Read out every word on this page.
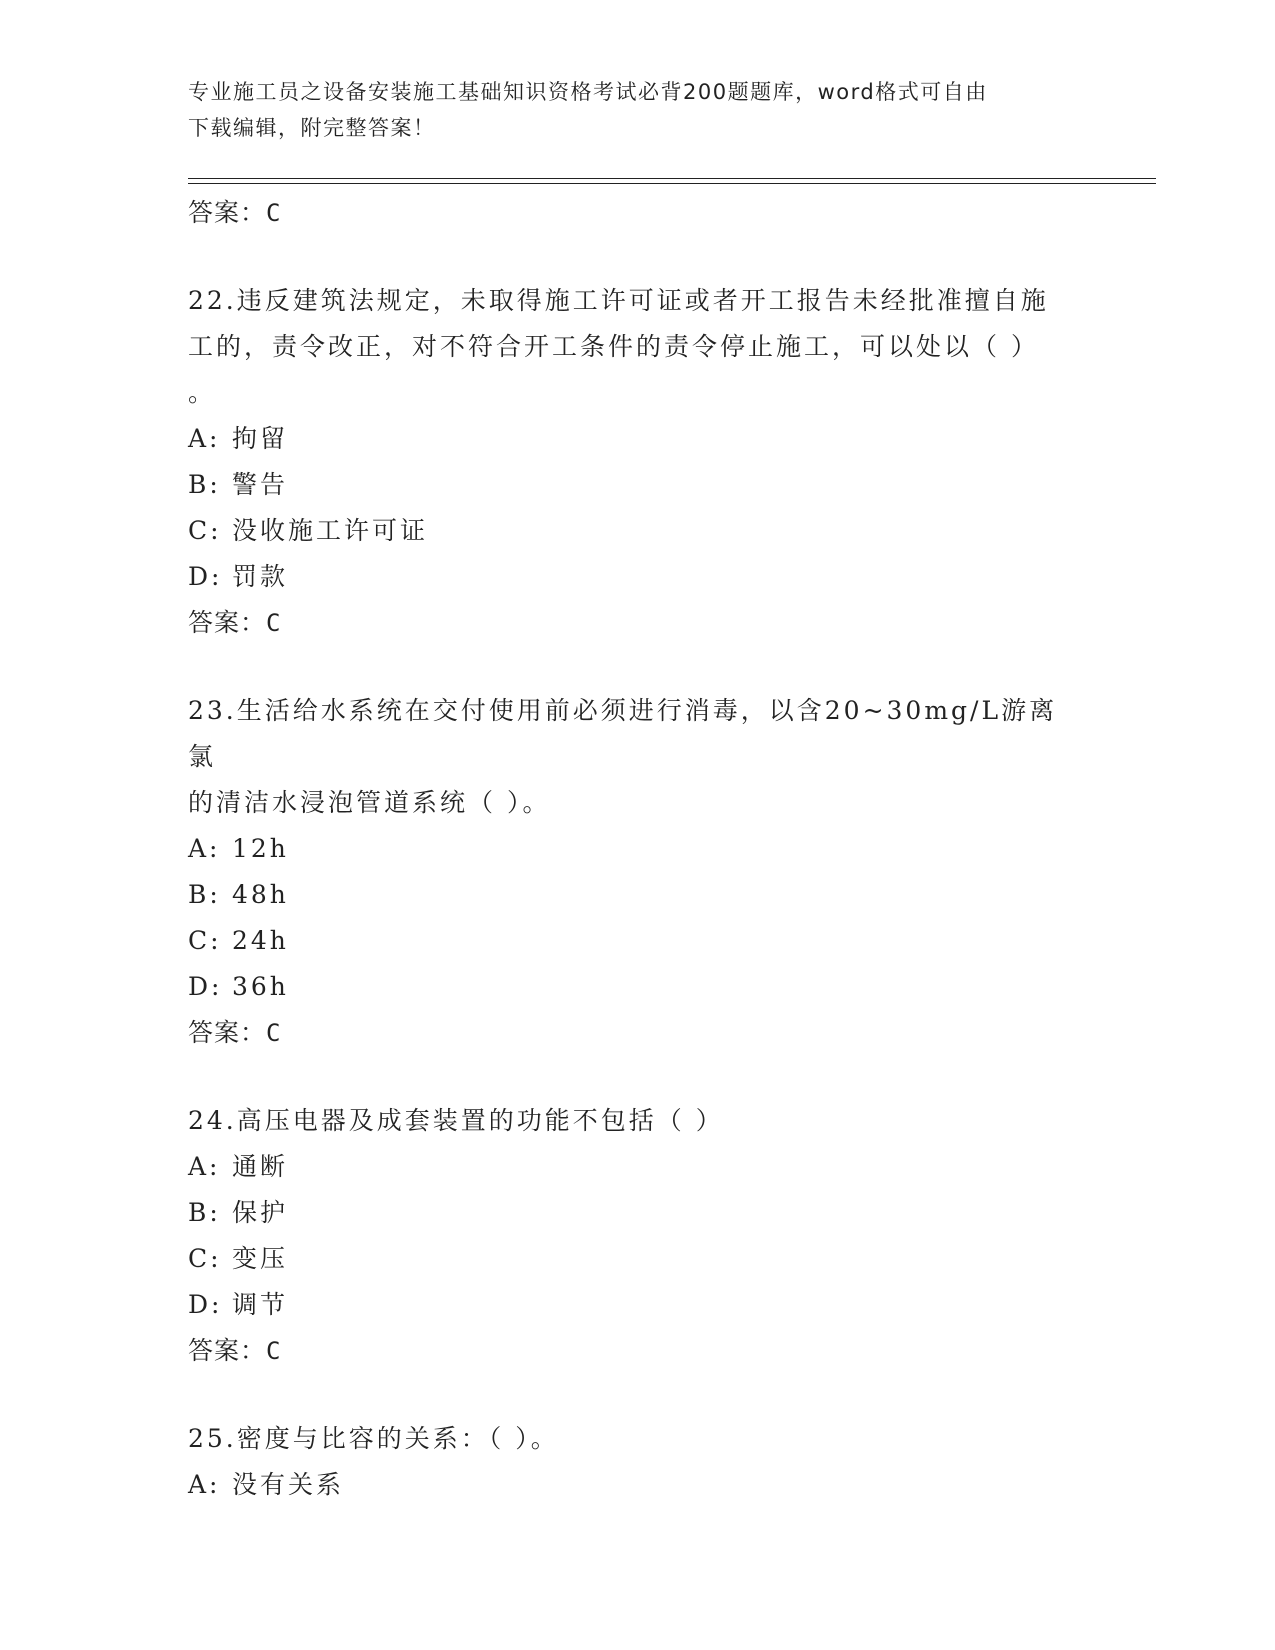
专业施工员之设备安装施工基础知识资格考试必背200题题库，word格式可自由
下载编辑，附完整答案！
答案：C
22.违反建筑法规定，未取得施工许可证或者开工报告未经批准擅自施
工的，责令改正，对不符合开工条件的责令停止施工，可以处以（ ）
。
A: 拘留
B: 警告
C: 没收施工许可证
D: 罚款
答案：C
23.生活给水系统在交付使用前必须进行消毒，以含20~30mg/L游离氯
的清洁水浸泡管道系统（ ）。
A: 12h
B: 48h
C: 24h
D: 36h
答案：C
24.高压电器及成套装置的功能不包括（ ）
A: 通断
B: 保护
C: 变压
D: 调节
答案：C
25.密度与比容的关系：（ ）。
A: 没有关系
